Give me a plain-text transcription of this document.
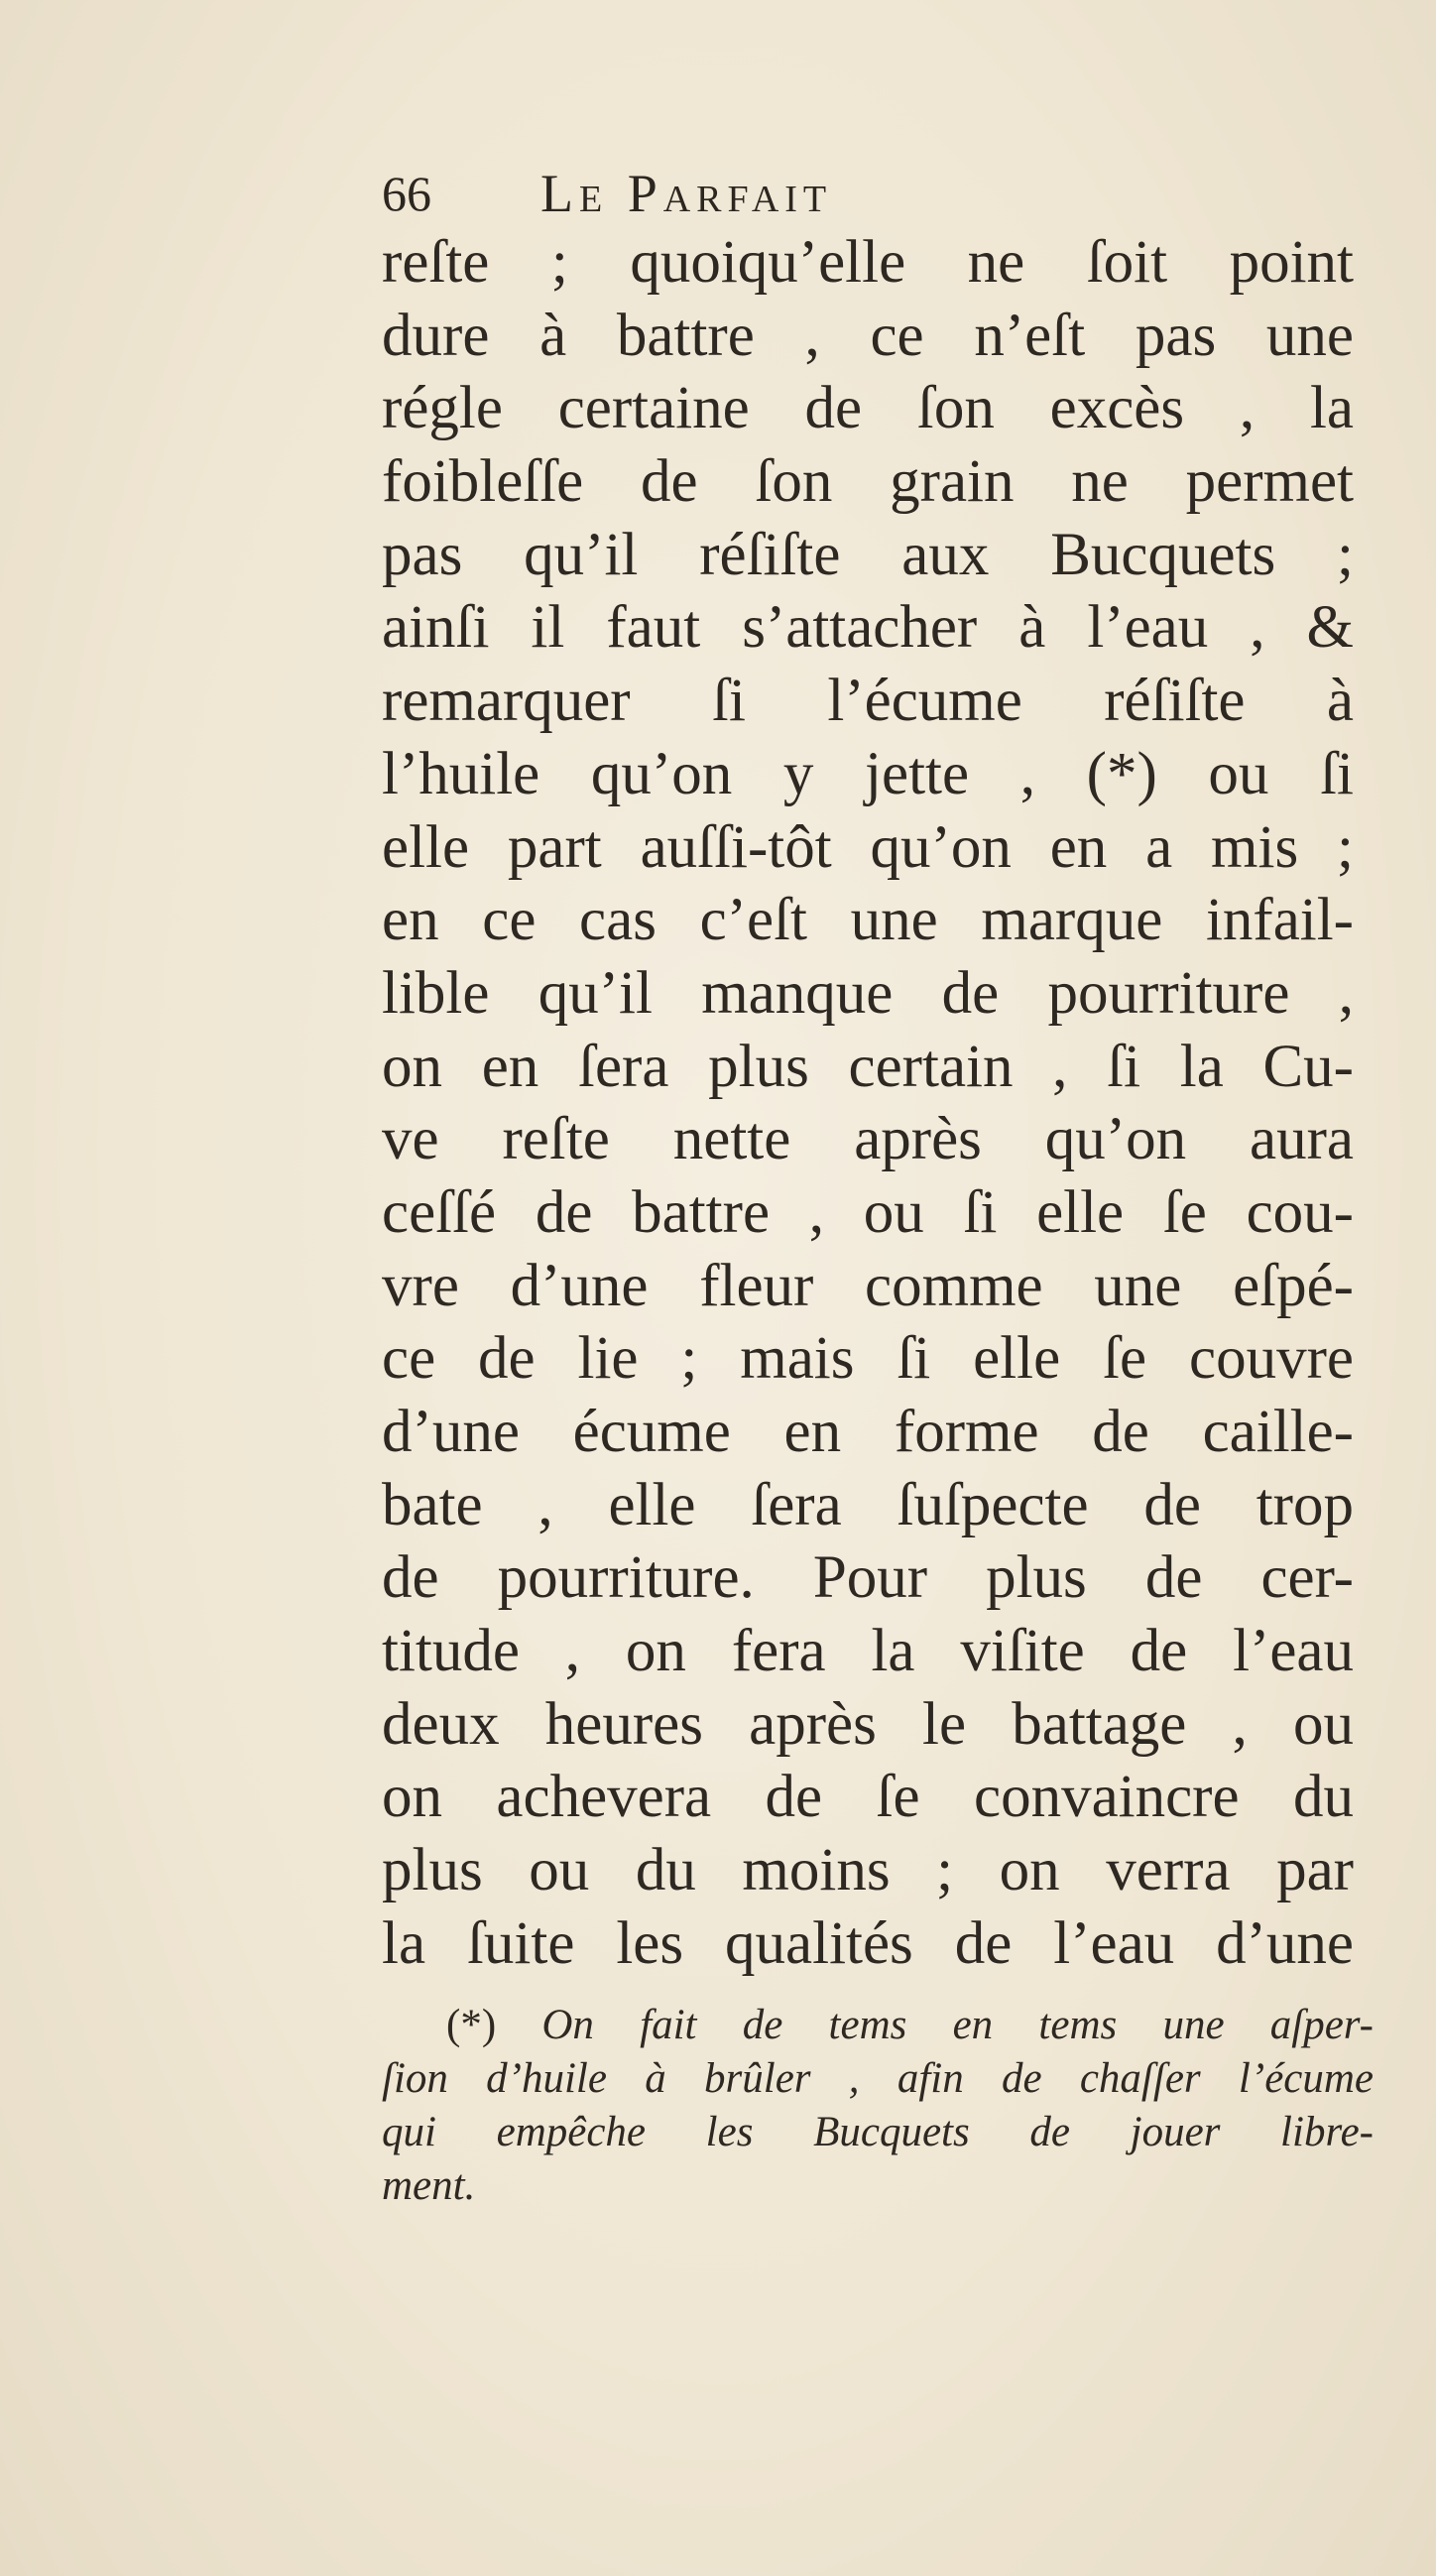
66 Le Parfait
reſte ; quoiqu’elle ne ſoit point
dure à battre , ce n’eſt pas une
régle certaine de ſon excès , la
foibleſſe de ſon grain ne permet
pas qu’il réſiſte aux Bucquets ;
ainſi il faut s’attacher à l’eau , &
remarquer ſi l’écume réſiſte à
l’huile qu’on y jette , (*) ou ſi
elle part auſſi-tôt qu’on en a mis ;
en ce cas c’eſt une marque infail-
lible qu’il manque de pourriture ,
on en ſera plus certain , ſi la Cu-
ve reſte nette après qu’on aura
ceſſé de battre , ou ſi elle ſe cou-
vre d’une fleur comme une eſpé-
ce de lie ; mais ſi elle ſe couvre
d’une écume en forme de caille-
bate , elle ſera ſuſpecte de trop
de pourriture. Pour plus de cer-
titude , on fera la viſite de l’eau
deux heures après le battage , ou
on achevera de ſe convaincre du
plus ou du moins ; on verra par
la ſuite les qualités de l’eau d’une
(*) On fait de tems en tems une aſper-
ſion d’huile à brûler , afin de chaſſer l’écume
qui empêche les Bucquets de jouer libre-
ment.
